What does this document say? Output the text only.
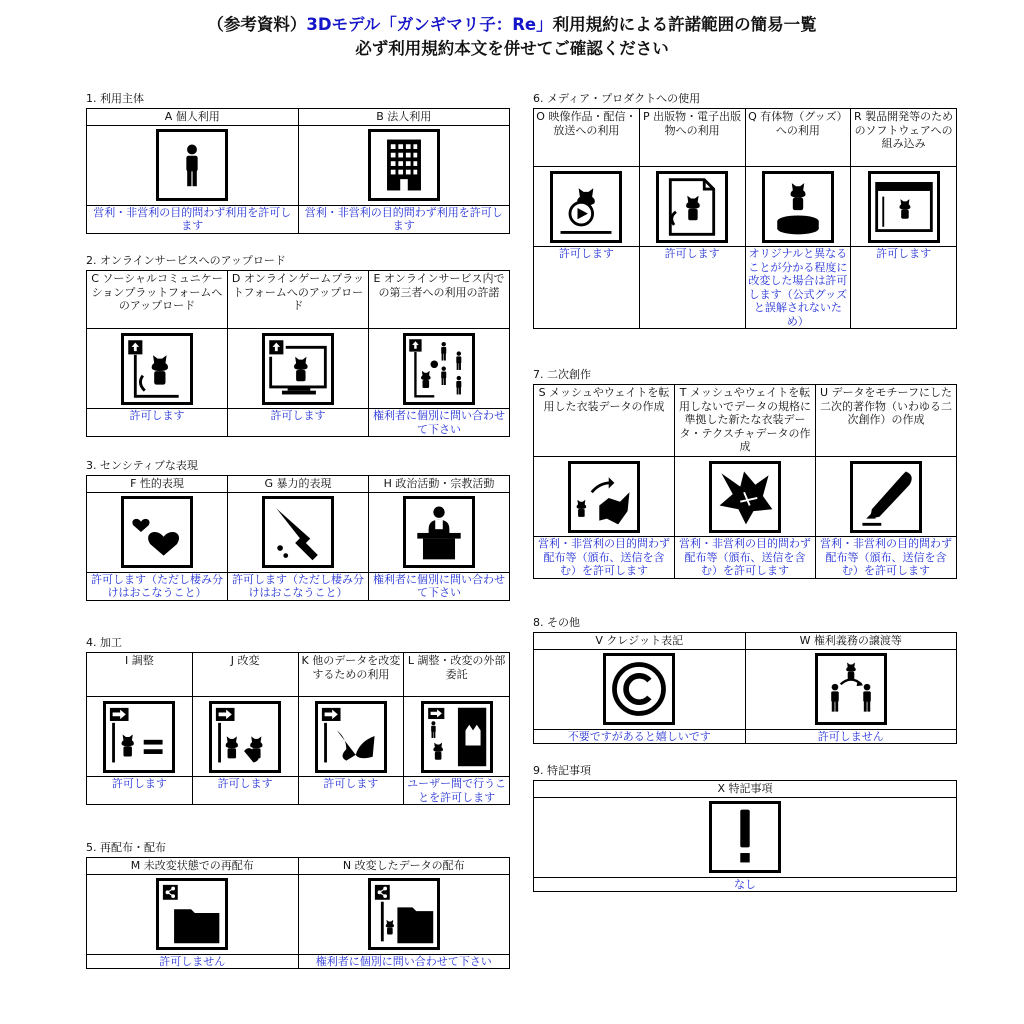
（参考資料）3Dモデル「ガンギマリ子：Re」利用規約による許諾範囲の簡易一覧
必ず利用規約本文を併せてご確認ください
1. 利用主体
A 個人利用	B 法人利用

営利・非営利の目的問わず利用を許可します	営利・非営利の目的問わず利用を許可します
2. オンラインサービスへのアップロード
C ソーシャルコミュニケーションプラットフォームへのアップロード	D オンラインゲームプラットフォームへのアップロード	E オンラインサービス内での第三者への利用の許諾

許可します	許可します	権利者に個別に問い合わせて下さい
3. センシティブな表現
F 性的表現	G 暴力的表現	H 政治活動・宗教活動

許可します（ただし棲み分けはおこなうこと）	許可します（ただし棲み分けはおこなうこと）	権利者に個別に問い合わせて下さい
4. 加工
I 調整	J 改変	K 他のデータを改変するための利用	L 調整・改変の外部委託

許可します	許可します	許可します	ユーザー間で行うことを許可します
5. 再配布・配布
M 未改変状態での再配布	N 改変したデータの配布

許可しません	権利者に個別に問い合わせて下さい
6. メディア・プロダクトへの使用
O 映像作品・配信・放送への利用	P 出版物・電子出版物への利用	Q 有体物（グッズ）への利用	R 製品開発等のためのソフトウェアへの組み込み

許可します	許可します	オリジナルと異なることが分かる程度に改変した場合は許可します（公式グッズと誤解されないため）	許可します
7. 二次創作
S メッシュやウェイトを転用した衣装データの作成	T メッシュやウェイトを転用しないでデータの規格に準拠した新たな衣装データ・テクスチャデータの作成	U データをモチーフにした二次的著作物（いわゆる二次創作）の作成

営利・非営利の目的問わず配布等（頒布、送信を含む）を許可します	営利・非営利の目的問わず配布等（頒布、送信を含む）を許可します	営利・非営利の目的問わず配布等（頒布、送信を含む）を許可します
8. その他
V クレジット表記	W 権利義務の譲渡等

不要ですがあると嬉しいです	許可しません
9. 特記事項
X 特記事項

なし
